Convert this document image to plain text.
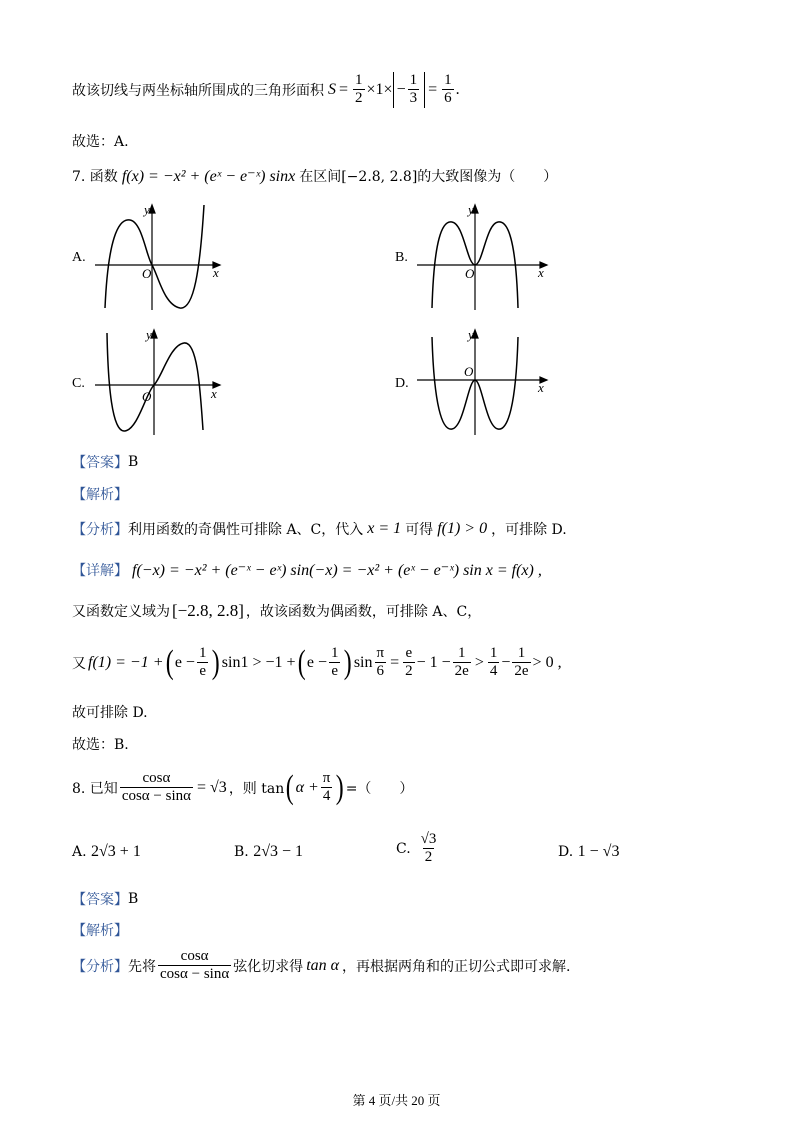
故该切线与两坐标轴所围成的三角形面积 $S = \frac{1}{2} \times 1\times - \frac{1}{3} = \frac{1}{6}$ .
故选：A.
7. 函数 f(x) = −x² + (eˣ − e⁻ˣ) sinx 在区间[−2.8, 2.8]的大致图像为（　　）
A.
y
x
O
B.
y
x
O
C.
y
x
O
D.
y
x
O
【答案】 B
【解析】
【分析】 利用函数的奇偶性可排除 A、C，代入 x = 1 可得 f(1) > 0 ，可排除 D.
【详解】 f(−x) = −x² + (e⁻ˣ − eˣ) sin(−x) = −x² + (eˣ − e⁻ˣ) sin x = f(x) ,
又函数定义域为 [−2.8, 2.8] ，故该函数为偶函数，可排除 A、C，
又 f(1) = −1 + ( $e - \frac{1}{e}$ ) sin1 > −1 + ( $e - \frac{1}{e}$ ) $\sin \frac{\pi}{6} = \frac{e}{2} - 1 - \frac{1}{2e} > \frac{1}{4} - \frac{1}{2e} > 0$ ,
故可排除 D.
故选：B.
8. 已知 $\frac{\cos\alpha}{\cos\alpha - \sin\alpha} = √3$ ，则 tan ( $\alpha + \frac{\pi}{4}$ ) =（　　）
A. 2√3 + 1	B. 2√3 − 1	C. $\frac{√3}{2}$	D. 1 − √3
【答案】 B
【解析】
【分析】 先将 $\frac{\cos\alpha}{\cos\alpha - \sin\alpha}$ 弦化切求得 tan α ，再根据两角和的正切公式即可求解.
第 4 页/共 20 页
